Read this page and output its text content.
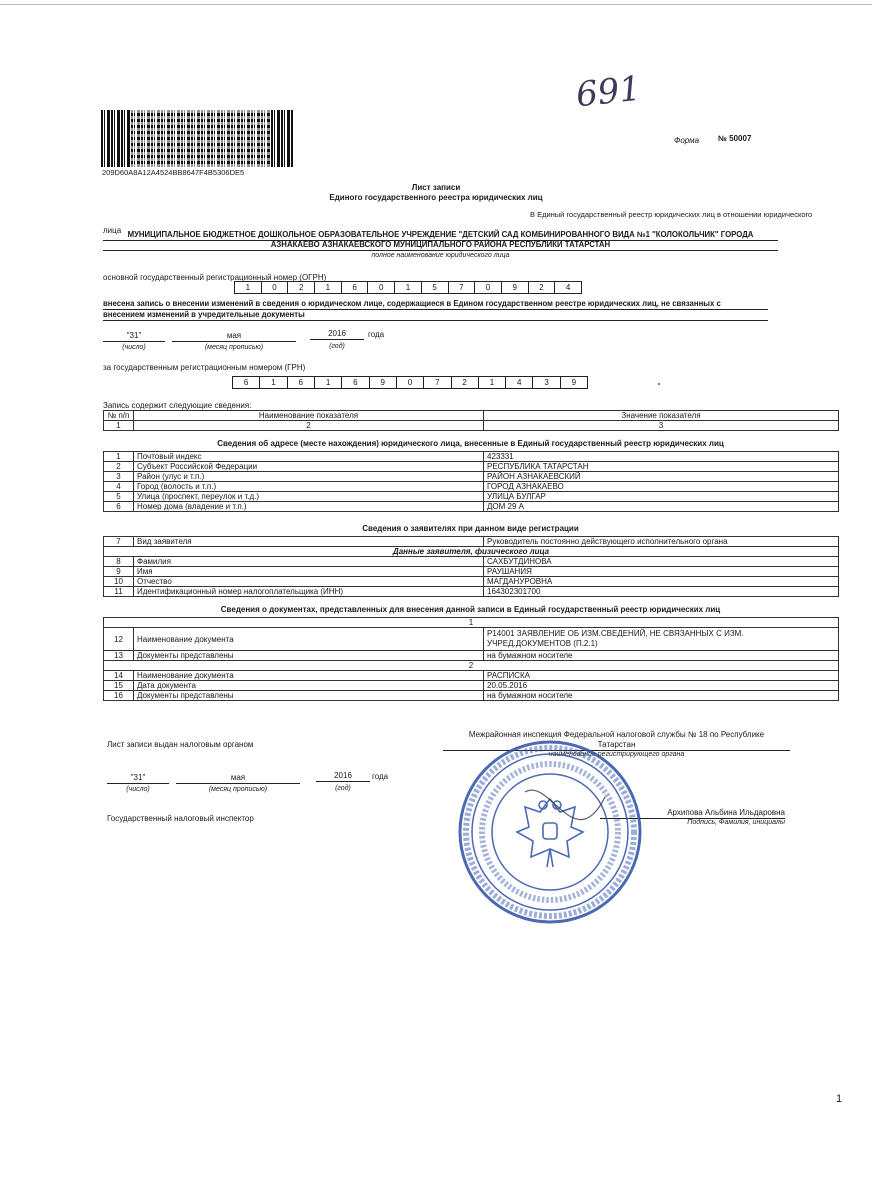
691
209D60A8A12A4524BB8647F4B5306DE5
Форма № 50007
Лист записи
Единого государственного реестра юридических лиц
В Единый государственный реестр юридических лиц в отношении юридического
лица МУНИЦИПАЛЬНОЕ БЮДЖЕТНОЕ ДОШКОЛЬНОЕ ОБРАЗОВАТЕЛЬНОЕ УЧРЕЖДЕНИЕ "ДЕТСКИЙ САД КОМБИНИРОВАННОГО ВИДА №1 "КОЛОКОЛЬЧИК" ГОРОДА
АЗНАКАЕВО АЗНАКАЕВСКОГО МУНИЦИПАЛЬНОГО РАЙОНА РЕСПУБЛИКИ ТАТАРСТАН
полное наименование юридического лица
основной государственный регистрационный номер (ОГРН)
1	0	2	1	6	0	1	5	7	0	9	2	4
внесена запись о внесении изменений в сведения о юридическом лице, содержащиеся в Едином государственном реестре юридических лиц, не связанных с
внесением изменений в учредительные документы
"31"	мая	2016	года
(число)	(месяц прописью)	(год)
за государственным регистрационным номером (ГРН)
6	1	6	1	6	9	0	7	2	1	4	3	9
Запись содержит следующие сведения:
№ п/п	Наименование показателя	Значение показателя
1	2	3
Сведения об адресе (месте нахождения) юридического лица, внесенные в Единый государственный реестр юридических лиц
1	Почтовый индекс	423331
2	Субъект Российской Федерации	РЕСПУБЛИКА ТАТАРСТАН
3	Район (улус и т.п.)	РАЙОН АЗНАКАЕВСКИЙ
4	Город (волость и т.п.)	ГОРОД АЗНАКАЕВО
5	Улица (проспект, переулок и т.д.)	УЛИЦА БУЛГАР
6	Номер дома (владение и т.п.)	ДОМ 29 А
Сведения о заявителях при данном виде регистрации
7	Вид заявителя	Руководитель постоянно действующего исполнительного органа
Данные заявителя, физического лица		
8	Фамилия	САХБУТДИНОВА
9	Имя	РАУШАНИЯ
10	Отчество	МАГДАНУРОВНА
11	Идентификационный номер налогоплательщика (ИНН)	164302301700
Сведения о документах, представленных для внесения данной записи в Единый государственный реестр юридических лиц
1		
12	Наименование документа	Р14001 ЗАЯВЛЕНИЕ ОБ ИЗМ.СВЕДЕНИЙ, НЕ СВЯЗАННЫХ С ИЗМ.
УЧРЕД.ДОКУМЕНТОВ (П.2.1)

13	Документы представлены	на бумажном носителе
2		
14	Наименование документа	РАСПИСКА
15	Дата документа	20.05.2016
16	Документы представлены	на бумажном носителе
Лист записи выдан налоговым органом
Межрайонная инспекция Федеральной налоговой службы № 18 по Республике
Татарстан
наименование регистрирующего органа
"31"	мая	2016	года
(число)	(месяц прописью)	(год)
Государственный налоговый инспектор
Архипова Альбина Ильдаровна
Подпись, Фамилия, инициалы
1
